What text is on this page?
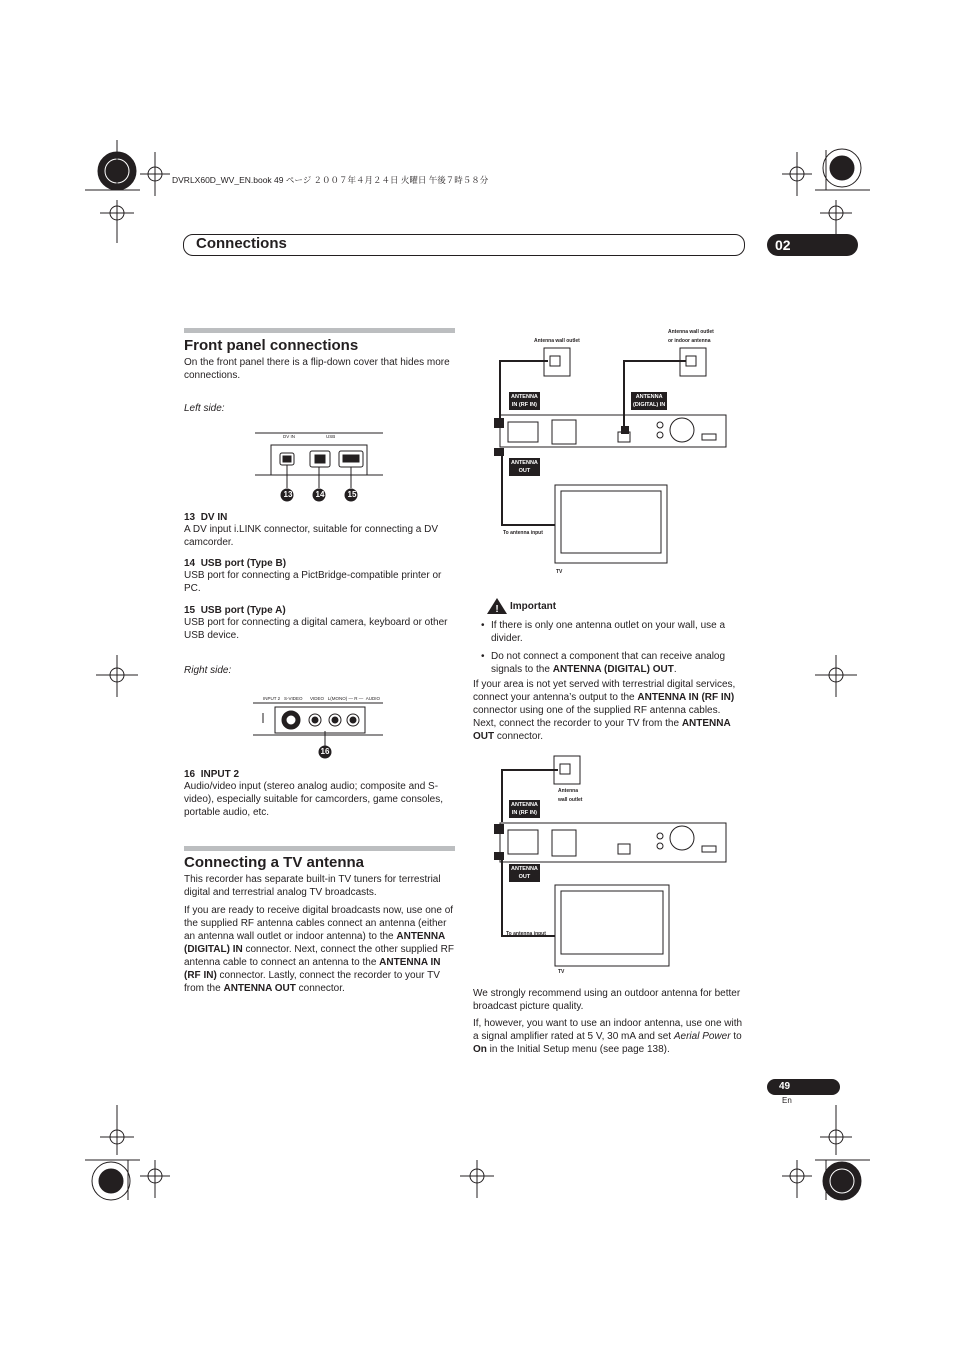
DVRLX60D_WV_EN.book 49 ページ ２００７年４月２４日 火曜日 午後７時５８分
Connections	02
Front panel connections
On the front panel there is a flip-down cover that hides more connections.
Left side:
DV IN	USB
13	14	15
13 DV IN
A DV input i.LINK connector, suitable for connecting a DV camcorder.
14 USB port (Type B)
USB port for connecting a PictBridge-compatible printer or PC.
15 USB port (Type A)
USB port for connecting a digital camera, keyboard or other USB device.
Right side:
INPUT 2 S-VIDEO VIDEO L(MONO) — R —  AUDIO
16
16 INPUT 2
Audio/video input (stereo analog audio; composite and S-video), especially suitable for camcorders, game consoles, portable audio, etc.
Connecting a TV antenna
This recorder has separate built-in TV tuners for terrestrial digital and terrestrial analog TV broadcasts.
If you are ready to receive digital broadcasts now, use one of the supplied RF antenna cables connect an antenna (either an antenna wall outlet or indoor antenna) to the ANTENNA (DIGITAL) IN connector. Next, connect the other supplied RF antenna cable to connect an antenna to the ANTENNA IN (RF IN) connector. Lastly, connect the recorder to your TV from the ANTENNA OUT connector.
Antenna wall outlet
Antenna wall outlet
or indoor antenna
ANTENNA
IN (RF IN)
ANTENNA
(DIGITAL) IN
ANTENNA
OUT
To antenna input
TV
! Important
• If there is only one antenna outlet on your wall, use a divider.
• Do not connect a component that can receive analog signals to the ANTENNA (DIGITAL) OUT.
If your area is not yet served with terrestrial digital services, connect your antenna’s output to the ANTENNA IN (RF IN) connector using one of the supplied RF antenna cables. Next, connect the recorder to your TV from the ANTENNA OUT connector.
Antenna
wall outlet
ANTENNA
IN (RF IN)
ANTENNA
OUT
To antenna input
TV
We strongly recommend using an outdoor antenna for better broadcast picture quality.
If, however, you want to use an indoor antenna, use one with a signal amplifier rated at 5 V, 30 mA and set Aerial Power to On in the Initial Setup menu (see page 138).
49
En
